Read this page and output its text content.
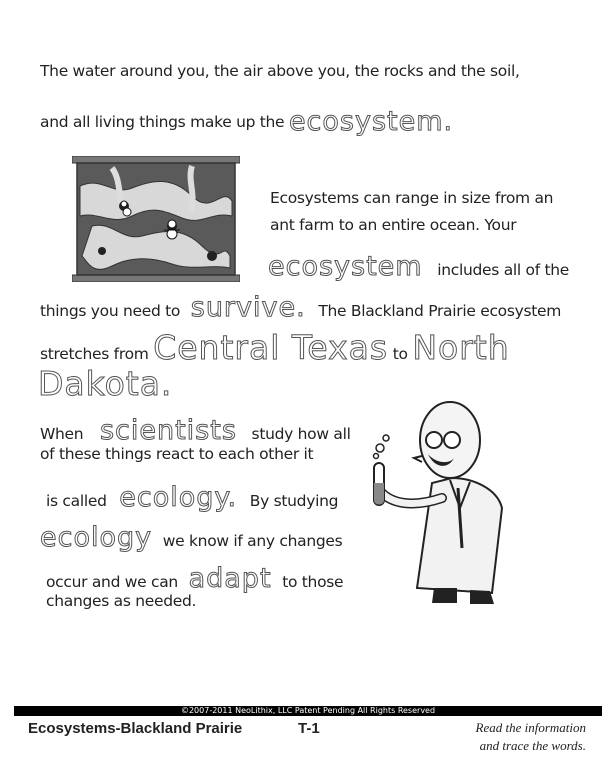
The water around you, the air above you, the rocks and the soil,
and all living things make up the ecosystem.
Ecosystems can range in size from an
ant farm to an entire ocean. Your
ecosystem includes all of the
things you need to survive. The Blackland Prairie ecosystem
stretches from Central Texas to North
Dakota.
When scientists study how all
of these things react to each other it
is called ecology. By studying
ecology we know if any changes
occur and we can adapt to those
changes as needed.
©2007-2011 NeoLithix, LLC Patent Pending All Rights Reserved
Ecosystems-Blackland Prairie	T-1	Read the information
and trace the words.
